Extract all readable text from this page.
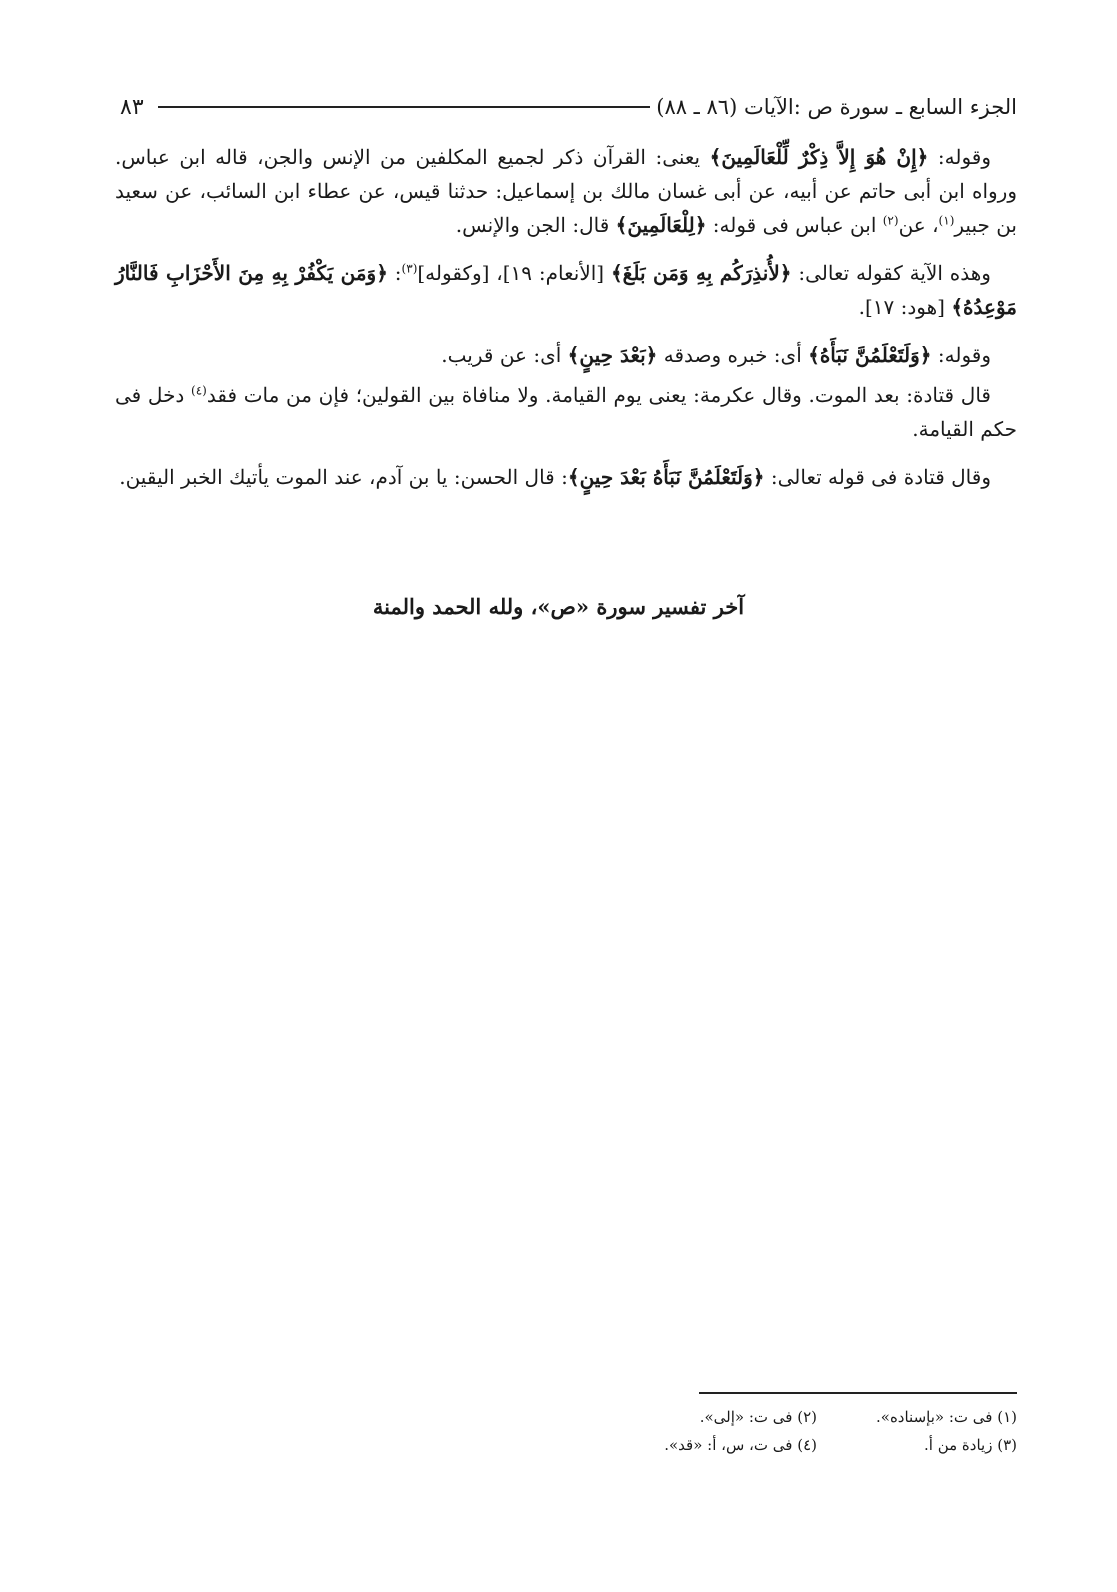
الجزء السابع ـ سورة ص :الآيات (٨٦ ـ ٨٨)
٨٣

وقوله: ﴿إِنْ هُوَ إِلاَّ ذِكْرٌ لِّلْعَالَمِينَ﴾ يعنى: القرآن ذكر لجميع المكلفين من الإنس والجن، قاله ابن عباس. ورواه ابن أبى حاتم عن أبيه، عن أبى غسان مالك بن إسماعيل: حدثنا قيس، عن عطاء ابن السائب، عن سعيد بن جبير$^{(١)}$، عن$^{(٢)}$ ابن عباس فى قوله: ﴿لِلْعَالَمِينَ﴾ قال: الجن والإنس.

وهذه الآية كقوله تعالى: ﴿لأُنذِرَكُم بِهِ وَمَن بَلَغَ﴾ [الأنعام: ١٩]، [وكقوله]$^{(٣)}$: ﴿وَمَن يَكْفُرْ بِهِ مِنَ الأَحْزَابِ فَالنَّارُ مَوْعِدُهُ﴾ [هود: ١٧].

وقوله: ﴿وَلَتَعْلَمُنَّ نَبَأَهُ﴾ أى: خبره وصدقه ﴿بَعْدَ حِينٍ﴾ أى: عن قريب.

قال قتادة: بعد الموت. وقال عكرمة: يعنى يوم القيامة. ولا منافاة بين القولين؛ فإن من مات فقد$^{(٤)}$ دخل فى حكم القيامة.

وقال قتادة فى قوله تعالى: ﴿وَلَتَعْلَمُنَّ نَبَأَهُ بَعْدَ حِينٍ﴾: قال الحسن: يا بن آدم، عند الموت يأتيك الخبر اليقين.

آخر تفسير سورة «ص»، ولله الحمد والمنة
(١) فى ت: «بإسناده».
(٢) فى ت: «إلى».
(٣) زيادة من أ.
(٤) فى ت، س، أ: «قد».
